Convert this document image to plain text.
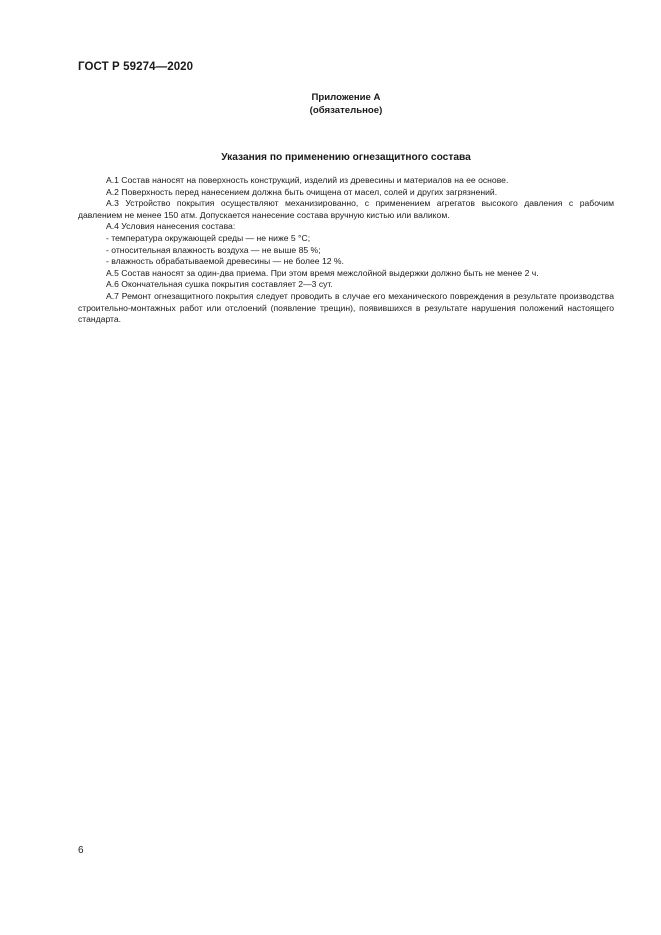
ГОСТ Р 59274—2020
Приложение А
(обязательное)
Указания по применению огнезащитного состава

А.1 Состав наносят на поверхность конструкций, изделий из древесины и материалов на ее основе.

А.2 Поверхность перед нанесением должна быть очищена от масел, солей и других загрязнений.

А.3 Устройство покрытия осуществляют механизированно, с применением агрегатов высокого давления с рабочим давлением не менее 150 атм. Допускается нанесение состава вручную кистью или валиком.

А.4 Условия нанесения состава:

- температура окружающей среды — не ниже 5 °С;

- относительная влажность воздуха — не выше 85 %;

- влажность обрабатываемой древесины — не более 12 %.

А.5 Состав наносят за один-два приема. При этом время межслойной выдержки должно быть не менее 2 ч.

А.6 Окончательная сушка покрытия составляет 2—3 сут.

А.7 Ремонт огнезащитного покрытия следует проводить в случае его механического повреждения в результате производства строительно-монтажных работ или отслоений (появление трещин), появившихся в результате нарушения положений настоящего стандарта.

6
